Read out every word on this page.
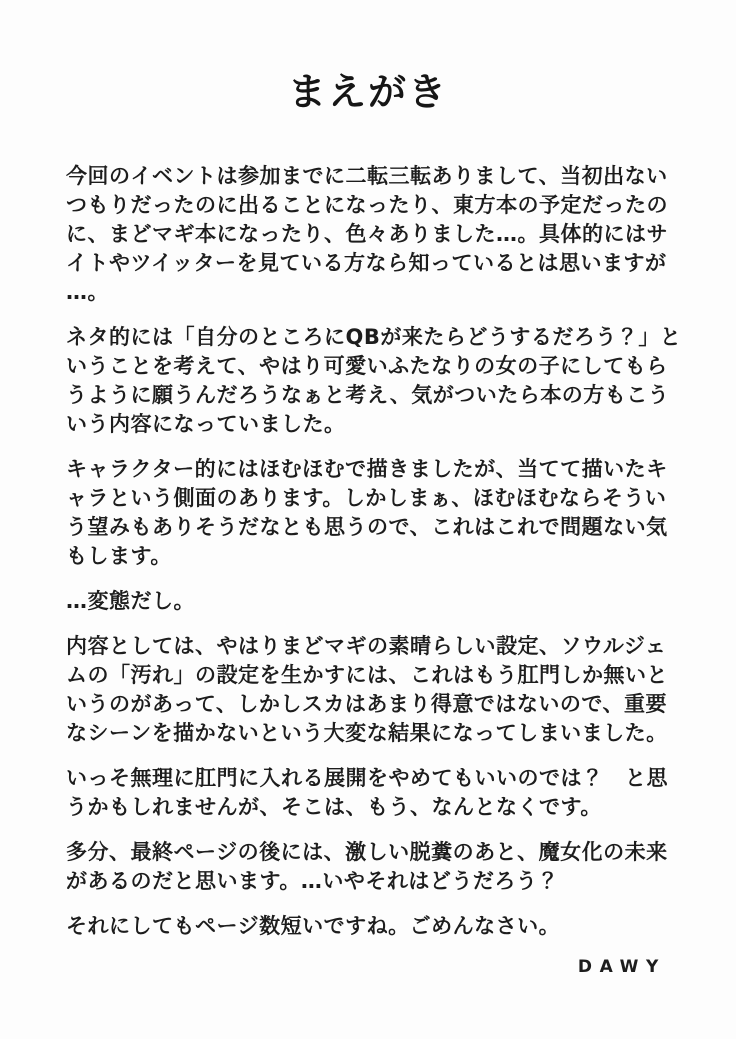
まえがき

今回のイベントは参加までに二転三転ありまして、当初出ないつもりだったのに出ることになったり、東方本の予定だったのに、まどマギ本になったり、色々ありました…。具体的にはサイトやツイッターを見ている方なら知っているとは思いますが…。

ネタ的には「自分のところにQBが来たらどうするだろう？」ということを考えて、やはり可愛いふたなりの女の子にしてもらうように願うんだろうなぁと考え、気がついたら本の方もこういう内容になっていました。

キャラクター的にはほむほむで描きましたが、当てて描いたキャラという側面のあります。しかしまぁ、ほむほむならそういう望みもありそうだなとも思うので、これはこれで問題ない気もします。

…変態だし。

内容としては、やはりまどマギの素晴らしい設定、ソウルジェムの「汚れ」の設定を生かすには、これはもう肛門しか無いというのがあって、しかしスカはあまり得意ではないので、重要なシーンを描かないという大変な結果になってしまいました。

いっそ無理に肛門に入れる展開をやめてもいいのでは？　と思うかもしれませんが、そこは、もう、なんとなくです。

多分、最終ページの後には、激しい脱糞のあと、魔女化の未来があるのだと思います。…いやそれはどうだろう？

それにしてもページ数短いですね。ごめんなさい。

DAWY
